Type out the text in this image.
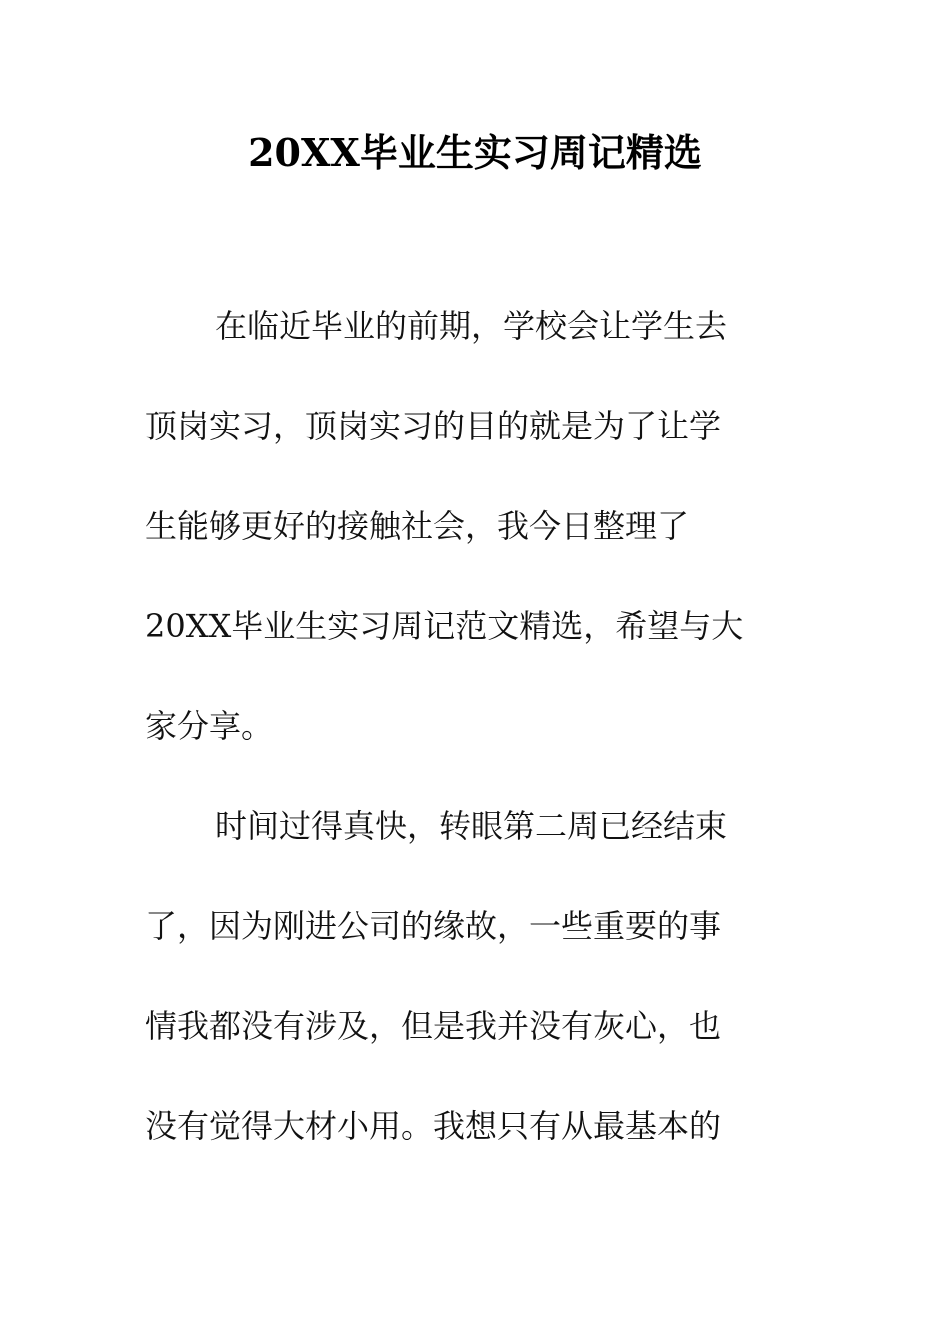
20XX毕业生实习周记精选

在临近毕业的前期，学校会让学生去

顶岗实习，顶岗实习的目的就是为了让学

生能够更好的接触社会，我今日整理了

20XX毕业生实习周记范文精选，希望与大

家分享。

时间过得真快，转眼第二周已经结束

了，因为刚进公司的缘故，一些重要的事

情我都没有涉及，但是我并没有灰心，也

没有觉得大材小用。我想只有从最基本的
